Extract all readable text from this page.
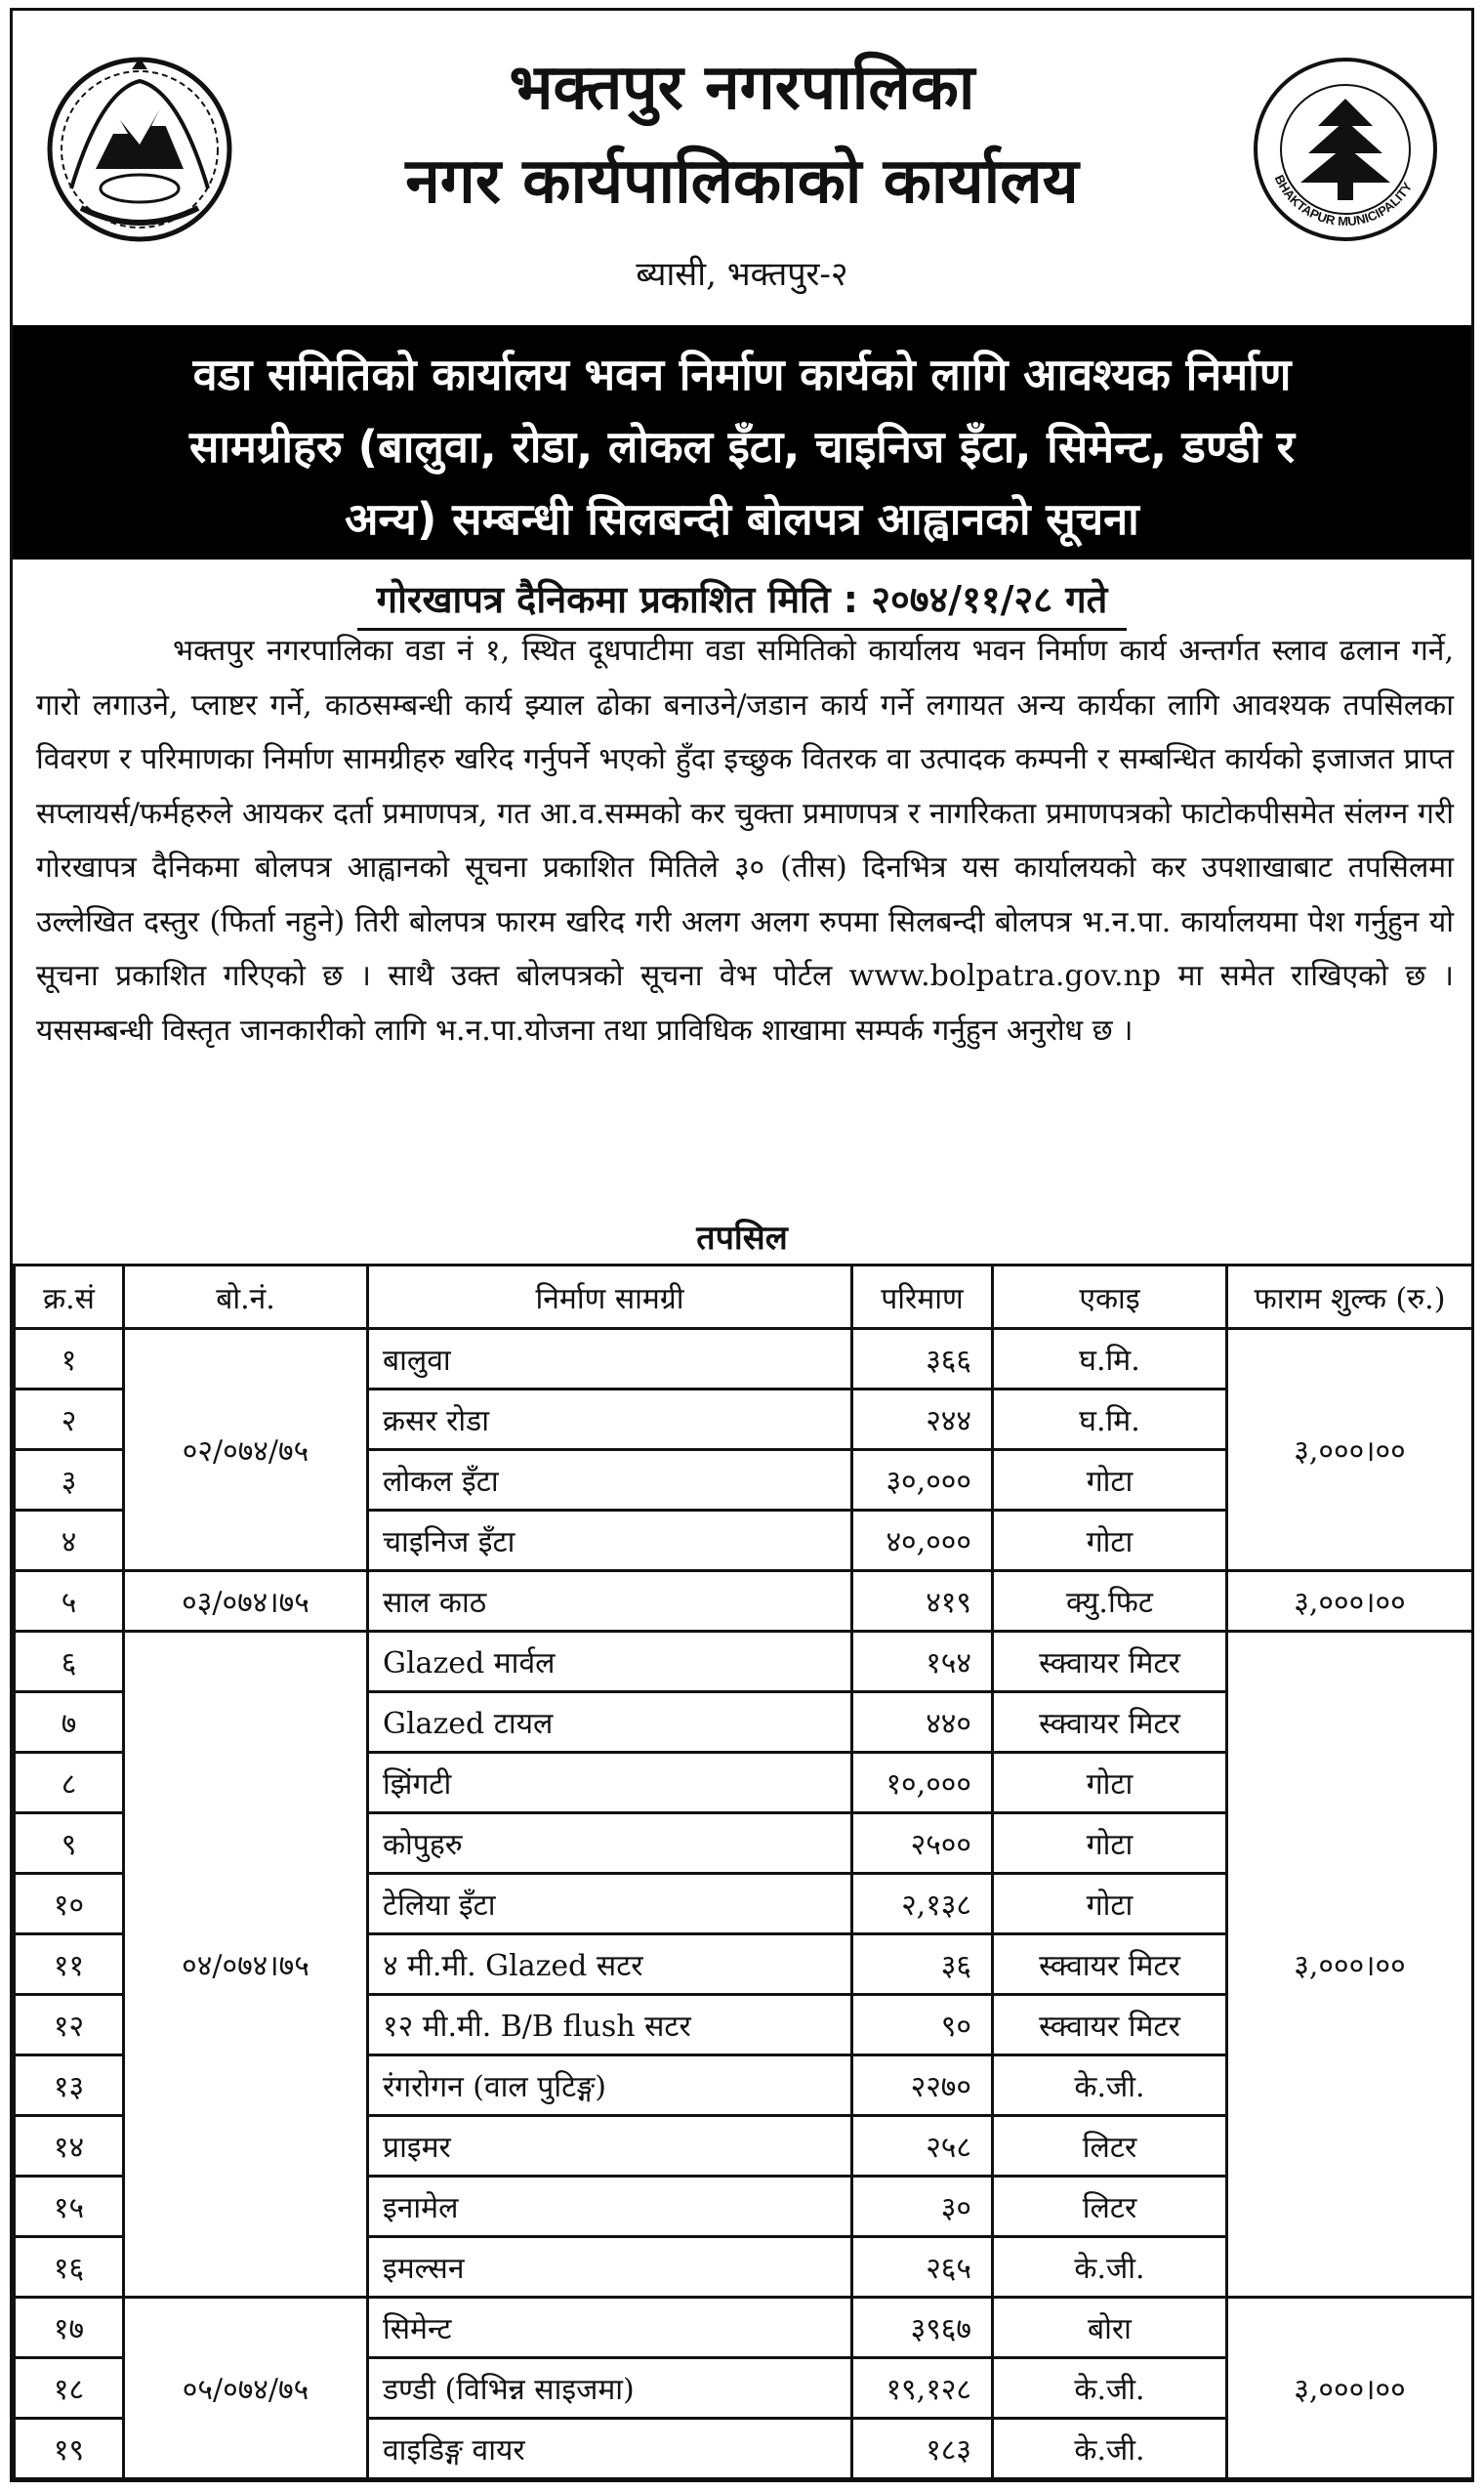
भक्तपुर नगरपालिका
नगर कार्यपालिकाको कार्यालय
ब्यासी, भक्तपुर-२
BHAKTAPUR MUNICIPALITY
वडा समितिको कार्यालय भवन निर्माण कार्यको लागि आवश्यक निर्माण
सामग्रीहरु (बालुवा, रोडा, लोकल इँटा, चाइनिज इँटा, सिमेन्ट, डण्डी र
अन्य) सम्बन्धी सिलबन्दी बोलपत्र आह्वानको सूचना
गोरखापत्र दैनिकमा प्रकाशित मिति : २०७४/११/२८ गते
भक्तपुर नगरपालिका वडा नं १, स्थित दूधपाटीमा वडा समितिको कार्यालय भवन निर्माण कार्य अन्तर्गत स्लाव ढलान गर्ने, गारो लगाउने, प्लाष्टर गर्ने, काठसम्बन्धी कार्य झ्याल ढोका बनाउने/जडान कार्य गर्ने लगायत अन्य कार्यका लागि आवश्यक तपसिलका विवरण र परिमाणका निर्माण सामग्रीहरु खरिद गर्नुपर्ने भएको हुँदा इच्छुक वितरक वा उत्पादक कम्पनी र सम्बन्धित कार्यको इजाजत प्राप्त सप्लायर्स/फर्महरुले आयकर दर्ता प्रमाणपत्र, गत आ.व.सम्मको कर चुक्ता प्रमाणपत्र र नागरिकता प्रमाणपत्रको फाटोकपीसमेत संलग्न गरी गोरखापत्र दैनिकमा बोलपत्र आह्वानको सूचना प्रकाशित मितिले ३० (तीस) दिनभित्र यस कार्यालयको कर उपशाखाबाट तपसिलमा उल्लेखित दस्तुर (फिर्ता नहुने) तिरी बोलपत्र फारम खरिद गरी अलग अलग रुपमा सिलबन्दी बोलपत्र भ.न.पा. कार्यालयमा पेश गर्नुहुन यो सूचना प्रकाशित गरिएको छ । साथै उक्त बोलपत्रको सूचना वेभ पोर्टल www.bolpatra.gov.np मा समेत राखिएको छ । यससम्बन्धी विस्तृत जानकारीको लागि भ.न.पा.योजना तथा प्राविधिक शाखामा सम्पर्क गर्नुहुन अनुरोध छ ।
तपसिल
क्र.सं	बो.नं.	निर्माण सामग्री	परिमाण	एकाइ	फाराम शुल्क (रु.)
१	०२/०७४/७५	बालुवा	३६६	घ.मि.	३,०००।००
२		क्रसर रोडा	२४४	घ.मि.	
३		लोकल इँटा	३०,०००	गोटा	
४		चाइनिज इँटा	४०,०००	गोटा	
५	०३/०७४।७५	साल काठ	४१९	क्यु.फिट	३,०००।००
६	०४/०७४।७५	Glazed मार्वल	१५४	स्क्वायर मिटर	३,०००।००
७		Glazed टायल	४४०	स्क्वायर मिटर	
८		झिंगटी	१०,०००	गोटा	
९		कोपुहरु	२५००	गोटा	
१०		टेलिया इँटा	२,१३८	गोटा	
११		४ मी.मी. Glazed सटर	३६	स्क्वायर मिटर	
१२		१२ मी.मी. B/B flush सटर	९०	स्क्वायर मिटर	
१३		रंगरोगन (वाल पुटिङ्ग)	२२७०	के.जी.	
१४		प्राइमर	२५८	लिटर	
१५		इनामेल	३०	लिटर	
१६		इमल्सन	२६५	के.जी.	
१७	०५/०७४/७५	सिमेन्ट	३९६७	बोरा	३,०००।००
१८		डण्डी (विभिन्न साइजमा)	१९,१२८	के.जी.	
१९		वाइडिङ्ग वायर	१८३	के.जी.	
